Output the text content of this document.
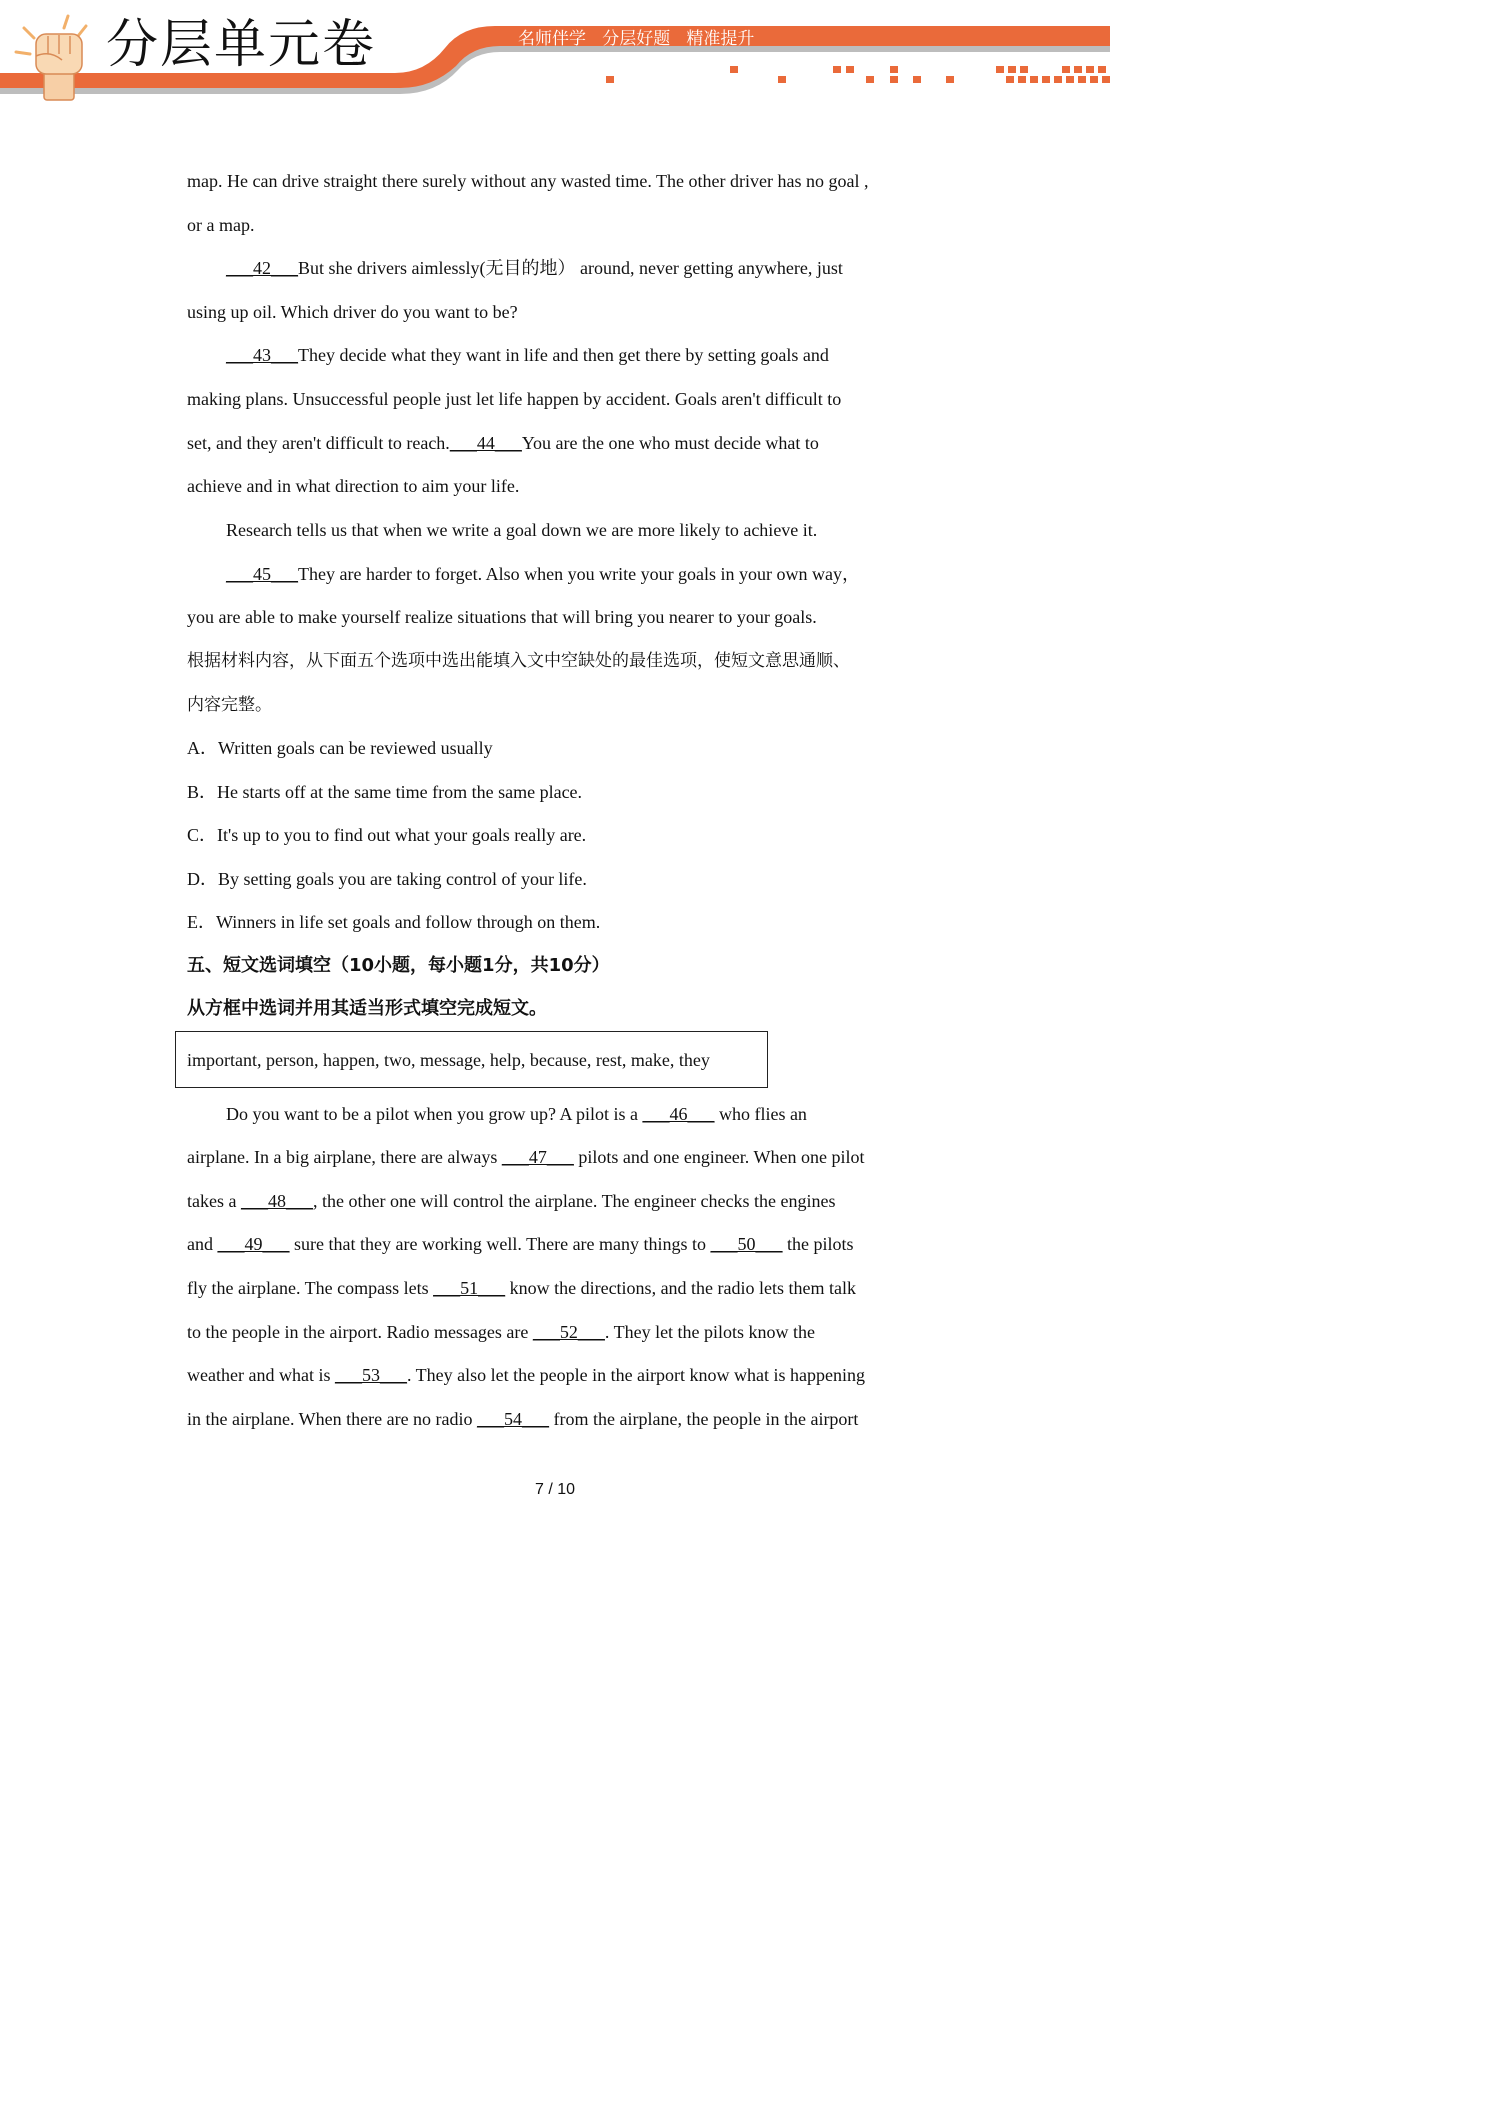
分层单元卷	名师伴学   分层好题   精准提升
map. He can drive straight there surely without any wasted time. The other driver has no goal ,
or a map.
___42___But she drivers aimlessly(无目的地） around, never getting anywhere, just
using up oil. Which driver do you want to be?
___43___They decide what they want in life and then get there by setting goals and
making plans. Unsuccessful people just let life happen by accident. Goals aren't difficult to
set, and they aren't difficult to reach.___44___You are the one who must decide what to
achieve and in what direction to aim your life.
Research tells us that when we write a goal down we are more likely to achieve it.
___45___They are harder to forget. Also when you write your goals in your own way，
you are able to make yourself realize situations that will bring you nearer to your goals.
根据材料内容，从下面五个选项中选出能填入文中空缺处的最佳选项，使短文意思通顺、
内容完整。
A．Written goals can be reviewed usually
B．He starts off at the same time from the same place.
C．It's up to you to find out what your goals really are.
D．By setting goals you are taking control of your life.
E．Winners in life set goals and follow through on them.
五、短文选词填空（10小题，每小题1分，共10分）
从方框中选词并用其适当形式填空完成短文。
important, person, happen, two, message, help, because, rest, make, they
Do you want to be a pilot when you grow up? A pilot is a ___46___ who flies an
airplane. In a big airplane, there are always ___47___ pilots and one engineer. When one pilot
takes a ___48___, the other one will control the airplane. The engineer checks the engines
and ___49___ sure that they are working well. There are many things to ___50___ the pilots
fly the airplane. The compass lets ___51___ know the directions, and the radio lets them talk
to the people in the airport. Radio messages are ___52___. They let the pilots know the
weather and what is ___53___. They also let the people in the airport know what is happening
in the airplane. When there are no radio ___54___ from the airplane, the people in the airport
7 / 10
